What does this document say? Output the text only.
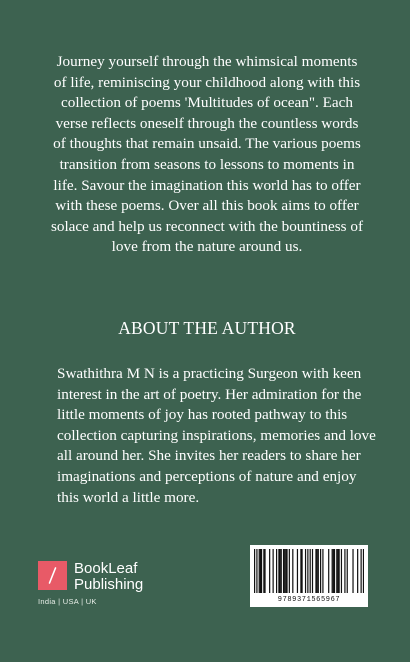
Journey yourself through the whimsical moments of life, reminiscing your childhood along with this collection of poems 'Multitudes of ocean". Each verse reflects oneself through the countless words of thoughts that remain unsaid. The various poems transition from seasons to lessons to moments in life. Savour the imagination this world has to offer with these poems. Over all this book aims to offer solace and help us reconnect with the bountiness of love from the nature around us.

ABOUT THE AUTHOR

Swathithra M N is a practicing Surgeon with keen interest in the art of poetry. Her admiration for the little moments of joy has rooted pathway to this collection capturing inspirations, memories and love all around her. She invites her readers to share her imaginations and perceptions of nature and enjoy this world a little more.

BookLeaf
Publishing
India | USA | UK	9789371565967
